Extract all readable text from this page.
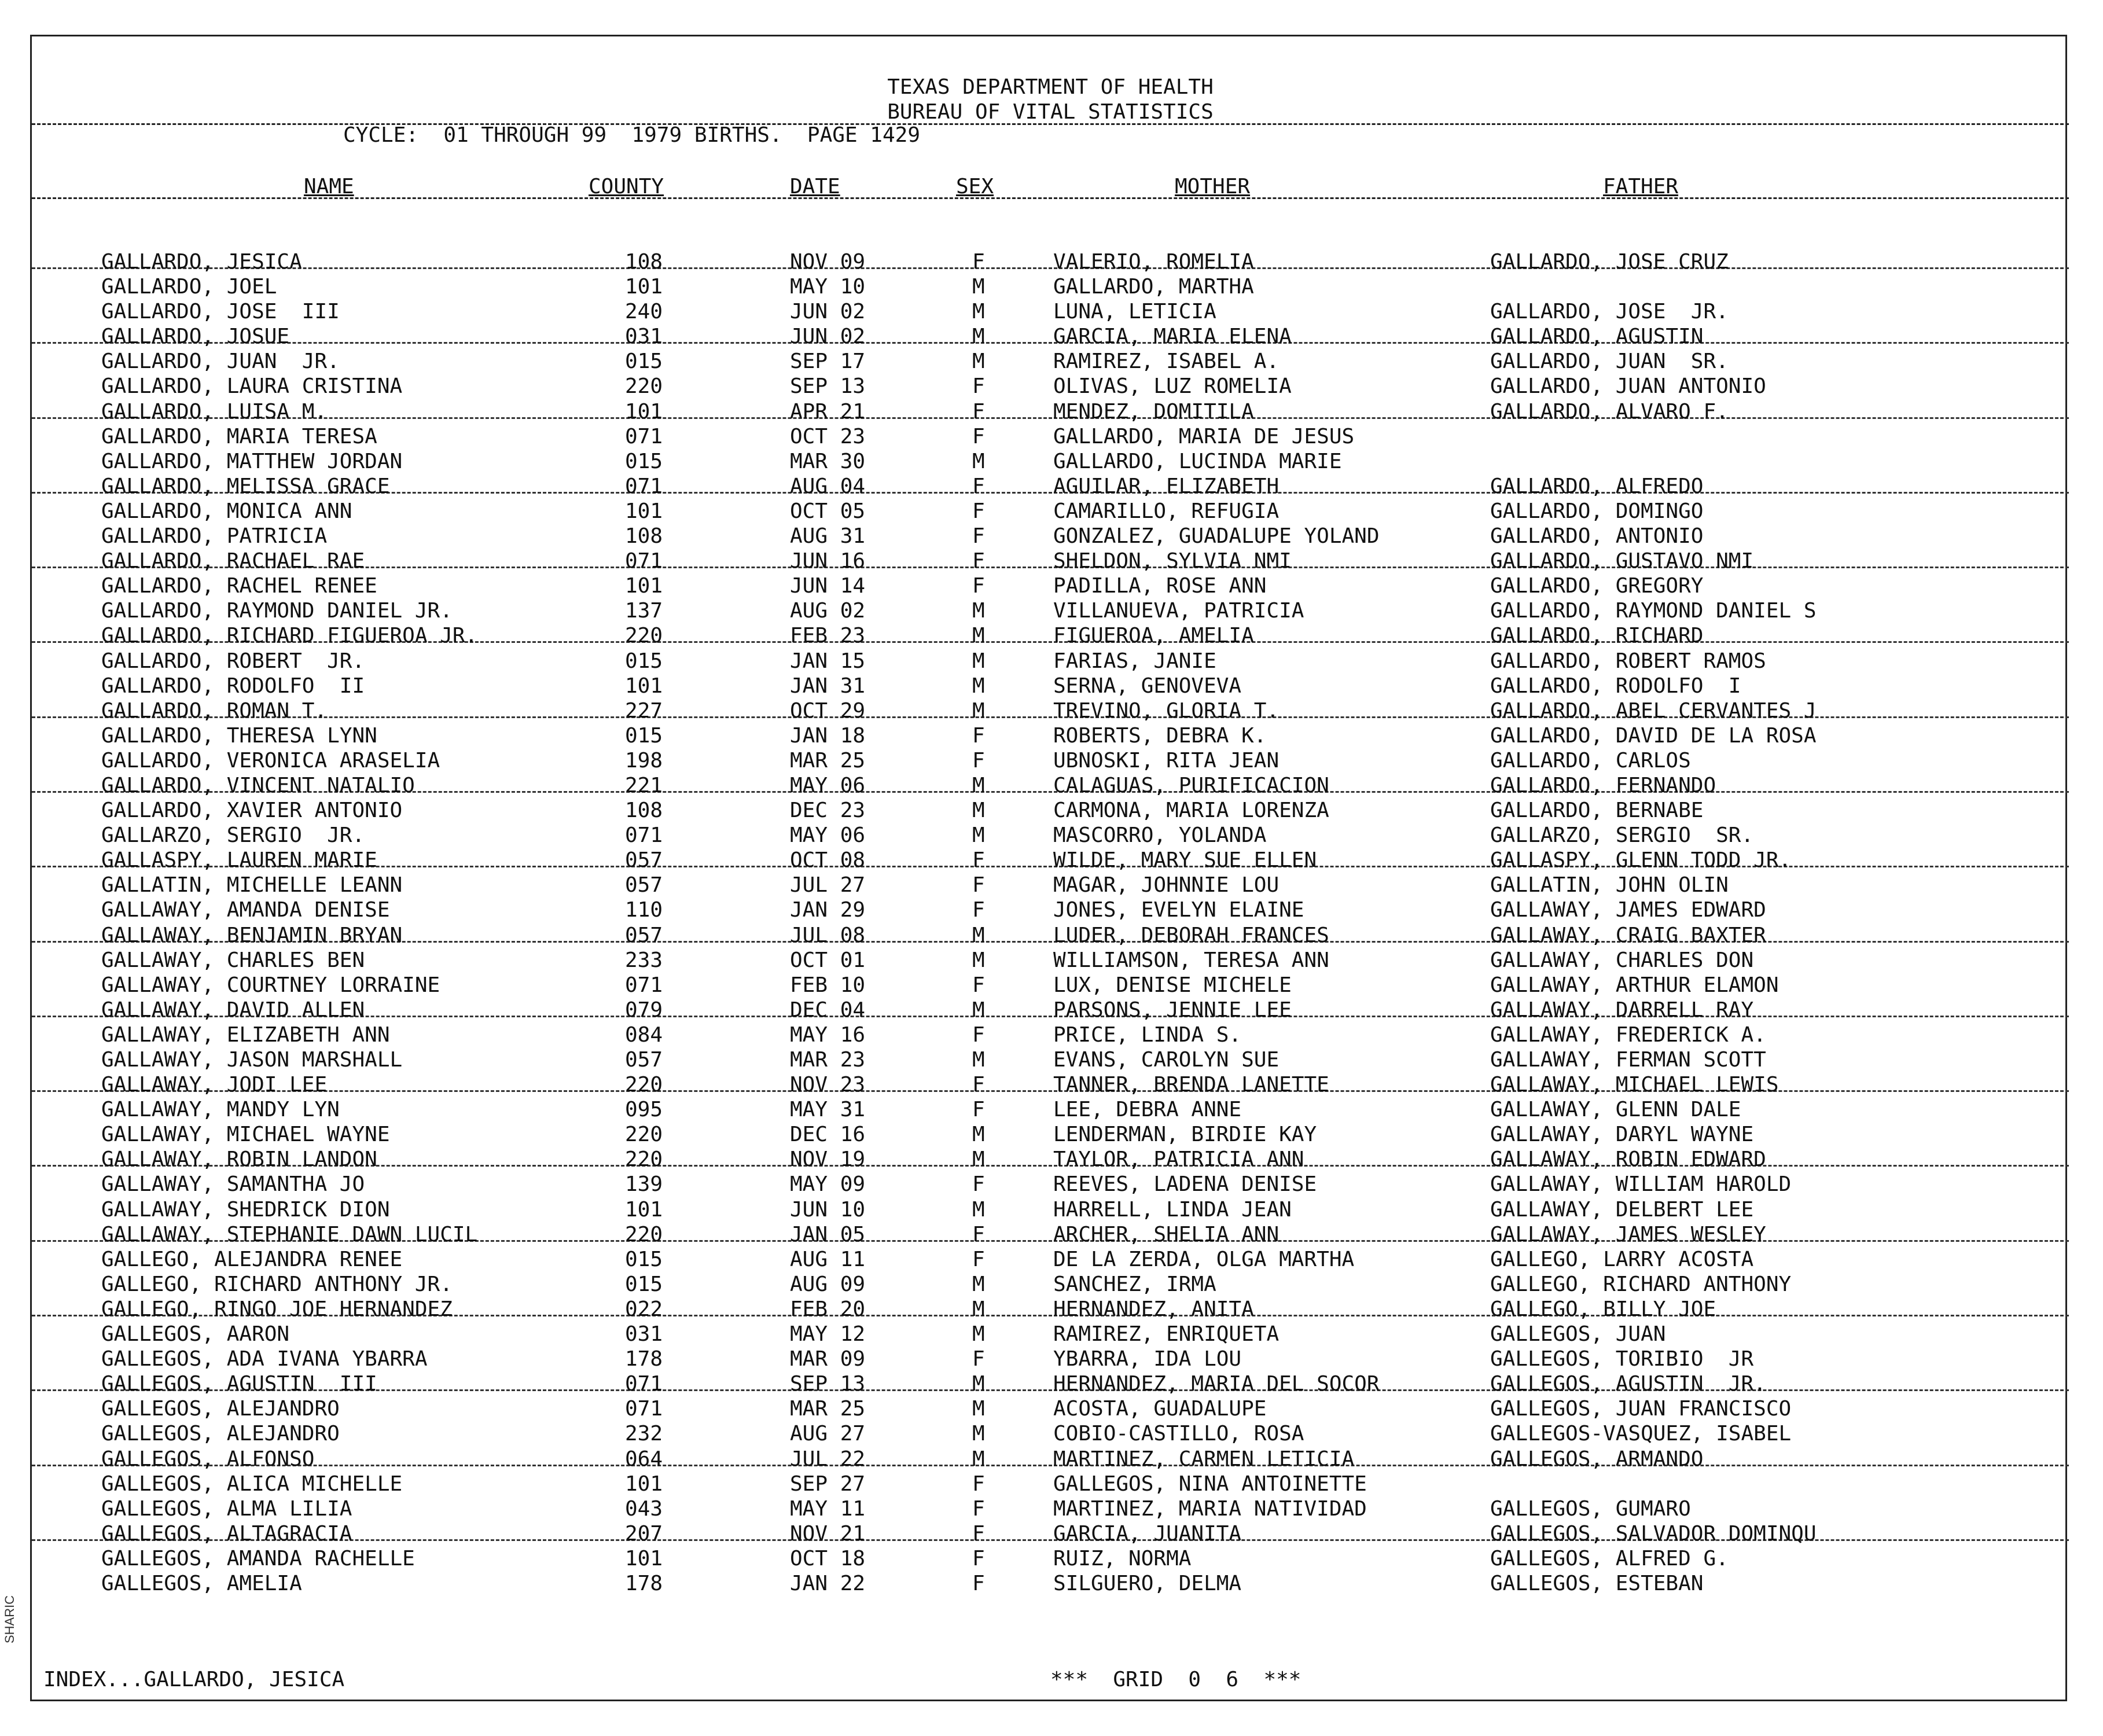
SHARIC
TEXAS DEPARTMENT OF HEALTH
BUREAU OF VITAL STATISTICS
CYCLE:  01 THROUGH 99  1979 BIRTHS.  PAGE 1429
NAME	COUNTY	DATE	SEX	MOTHER	FATHER
GALLARDO, JESICA	108	NOV 09	F	VALERIO, ROMELIA	GALLARDO, JOSE CRUZ
GALLARDO, JOEL	101	MAY 10	M	GALLARDO, MARTHA
GALLARDO, JOSE  III	240	JUN 02	M	LUNA, LETICIA	GALLARDO, JOSE  JR.
GALLARDO, JOSUE	031	JUN 02	M	GARCIA, MARIA ELENA	GALLARDO, AGUSTIN
GALLARDO, JUAN  JR.	015	SEP 17	M	RAMIREZ, ISABEL A.	GALLARDO, JUAN  SR.
GALLARDO, LAURA CRISTINA	220	SEP 13	F	OLIVAS, LUZ ROMELIA	GALLARDO, JUAN ANTONIO
GALLARDO, LUISA M.	101	APR 21	F	MENDEZ, DOMITILA	GALLARDO, ALVARO F.
GALLARDO, MARIA TERESA	071	OCT 23	F	GALLARDO, MARIA DE JESUS
GALLARDO, MATTHEW JORDAN	015	MAR 30	M	GALLARDO, LUCINDA MARIE
GALLARDO, MELISSA GRACE	071	AUG 04	F	AGUILAR, ELIZABETH	GALLARDO, ALFREDO
GALLARDO, MONICA ANN	101	OCT 05	F	CAMARILLO, REFUGIA	GALLARDO, DOMINGO
GALLARDO, PATRICIA	108	AUG 31	F	GONZALEZ, GUADALUPE YOLAND	GALLARDO, ANTONIO
GALLARDO, RACHAEL RAE	071	JUN 16	F	SHELDON, SYLVIA NMI	GALLARDO, GUSTAVO NMI
GALLARDO, RACHEL RENEE	101	JUN 14	F	PADILLA, ROSE ANN	GALLARDO, GREGORY
GALLARDO, RAYMOND DANIEL JR.	137	AUG 02	M	VILLANUEVA, PATRICIA	GALLARDO, RAYMOND DANIEL S
GALLARDO, RICHARD FIGUEROA JR.	220	FEB 23	M	FIGUEROA, AMELIA	GALLARDO, RICHARD
GALLARDO, ROBERT  JR.	015	JAN 15	M	FARIAS, JANIE	GALLARDO, ROBERT RAMOS
GALLARDO, RODOLFO  II	101	JAN 31	M	SERNA, GENOVEVA	GALLARDO, RODOLFO  I
GALLARDO, ROMAN T.	227	OCT 29	M	TREVINO, GLORIA T.	GALLARDO, ABEL CERVANTES J
GALLARDO, THERESA LYNN	015	JAN 18	F	ROBERTS, DEBRA K.	GALLARDO, DAVID DE LA ROSA
GALLARDO, VERONICA ARASELIA	198	MAR 25	F	UBNOSKI, RITA JEAN	GALLARDO, CARLOS
GALLARDO, VINCENT NATALIO	221	MAY 06	M	CALAGUAS, PURIFICACION	GALLARDO, FERNANDO
GALLARDO, XAVIER ANTONIO	108	DEC 23	M	CARMONA, MARIA LORENZA	GALLARDO, BERNABE
GALLARZO, SERGIO  JR.	071	MAY 06	M	MASCORRO, YOLANDA	GALLARZO, SERGIO  SR.
GALLASPY, LAUREN MARIE	057	OCT 08	F	WILDE, MARY SUE ELLEN	GALLASPY, GLENN TODD JR.
GALLATIN, MICHELLE LEANN	057	JUL 27	F	MAGAR, JOHNNIE LOU	GALLATIN, JOHN OLIN
GALLAWAY, AMANDA DENISE	110	JAN 29	F	JONES, EVELYN ELAINE	GALLAWAY, JAMES EDWARD
GALLAWAY, BENJAMIN BRYAN	057	JUL 08	M	LUDER, DEBORAH FRANCES	GALLAWAY, CRAIG BAXTER
GALLAWAY, CHARLES BEN	233	OCT 01	M	WILLIAMSON, TERESA ANN	GALLAWAY, CHARLES DON
GALLAWAY, COURTNEY LORRAINE	071	FEB 10	F	LUX, DENISE MICHELE	GALLAWAY, ARTHUR ELAMON
GALLAWAY, DAVID ALLEN	079	DEC 04	M	PARSONS, JENNIE LEE	GALLAWAY, DARRELL RAY
GALLAWAY, ELIZABETH ANN	084	MAY 16	F	PRICE, LINDA S.	GALLAWAY, FREDERICK A.
GALLAWAY, JASON MARSHALL	057	MAR 23	M	EVANS, CAROLYN SUE	GALLAWAY, FERMAN SCOTT
GALLAWAY, JODI LEE	220	NOV 23	F	TANNER, BRENDA LANETTE	GALLAWAY, MICHAEL LEWIS
GALLAWAY, MANDY LYN	095	MAY 31	F	LEE, DEBRA ANNE	GALLAWAY, GLENN DALE
GALLAWAY, MICHAEL WAYNE	220	DEC 16	M	LENDERMAN, BIRDIE KAY	GALLAWAY, DARYL WAYNE
GALLAWAY, ROBIN LANDON	220	NOV 19	M	TAYLOR, PATRICIA ANN	GALLAWAY, ROBIN EDWARD
GALLAWAY, SAMANTHA JO	139	MAY 09	F	REEVES, LADENA DENISE	GALLAWAY, WILLIAM HAROLD
GALLAWAY, SHEDRICK DION	101	JUN 10	M	HARRELL, LINDA JEAN	GALLAWAY, DELBERT LEE
GALLAWAY, STEPHANIE DAWN LUCIL	220	JAN 05	F	ARCHER, SHELIA ANN	GALLAWAY, JAMES WESLEY
GALLEGO, ALEJANDRA RENEE	015	AUG 11	F	DE LA ZERDA, OLGA MARTHA	GALLEGO, LARRY ACOSTA
GALLEGO, RICHARD ANTHONY JR.	015	AUG 09	M	SANCHEZ, IRMA	GALLEGO, RICHARD ANTHONY
GALLEGO, RINGO JOE HERNANDEZ	022	FEB 20	M	HERNANDEZ, ANITA	GALLEGO, BILLY JOE
GALLEGOS, AARON	031	MAY 12	M	RAMIREZ, ENRIQUETA	GALLEGOS, JUAN
GALLEGOS, ADA IVANA YBARRA	178	MAR 09	F	YBARRA, IDA LOU	GALLEGOS, TORIBIO  JR
GALLEGOS, AGUSTIN  III	071	SEP 13	M	HERNANDEZ, MARIA DEL SOCOR	GALLEGOS, AGUSTIN  JR.
GALLEGOS, ALEJANDRO	071	MAR 25	M	ACOSTA, GUADALUPE	GALLEGOS, JUAN FRANCISCO
GALLEGOS, ALEJANDRO	232	AUG 27	M	COBIO-CASTILLO, ROSA	GALLEGOS-VASQUEZ, ISABEL
GALLEGOS, ALFONSO	064	JUL 22	M	MARTINEZ, CARMEN LETICIA	GALLEGOS, ARMANDO
GALLEGOS, ALICA MICHELLE	101	SEP 27	F	GALLEGOS, NINA ANTOINETTE
GALLEGOS, ALMA LILIA	043	MAY 11	F	MARTINEZ, MARIA NATIVIDAD	GALLEGOS, GUMARO
GALLEGOS, ALTAGRACIA	207	NOV 21	F	GARCIA, JUANITA	GALLEGOS, SALVADOR DOMINQU
GALLEGOS, AMANDA RACHELLE	101	OCT 18	F	RUIZ, NORMA	GALLEGOS, ALFRED G.
GALLEGOS, AMELIA	178	JAN 22	F	SILGUERO, DELMA	GALLEGOS, ESTEBAN
INDEX...GALLARDO, JESICA	***  GRID  0  6  ***
